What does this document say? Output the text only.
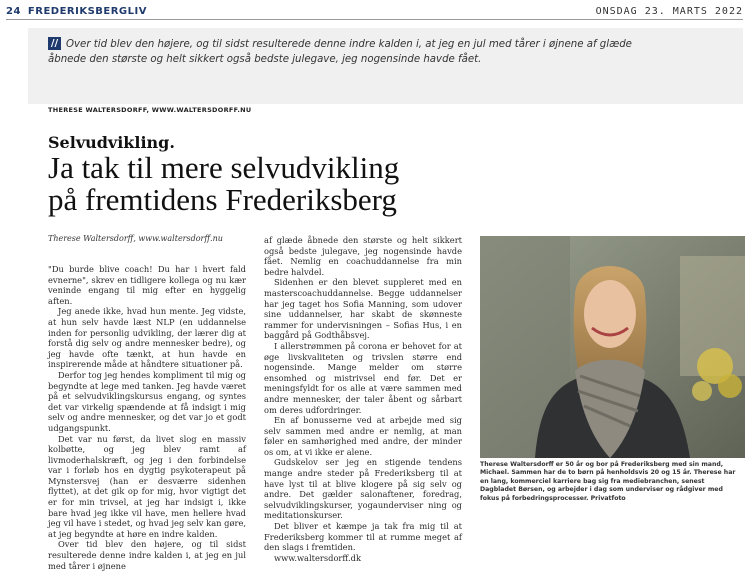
24 FREDERIKSBERGLIV	ONSDAG 23. MARTS 2022
// Over tid blev den højere, og til sidst resulterede denne indre kalden i, at jeg en jul med tårer i øjnene af glæde åbnede den største og helt sikkert også bedste julegave, jeg nogensinde havde fået.
THERESE WALTERSDORFF, WWW.WALTERSDORFF.NU
Selvudvikling.
Ja tak til mere selvudvikling
på fremtidens Frederiksberg
Therese Waltersdorff, www.waltersdorff.nu

"Du burde blive coach! Du har i hvert fald evnerne", skrev en tidligere kollega og nu kær veninde engang til mig efter en hyggelig aften.

Jeg anede ikke, hvad hun mente. Jeg vidste, at hun selv havde læst NLP (en uddannelse inden for personlig udvikling, der lærer dig at forstå dig selv og andre mennesker bedre), og jeg havde ofte tænkt, at hun havde en inspirerende måde at håndtere situationer på.

Derfor tog jeg hendes kompliment til mig og begyndte at lege med tanken. Jeg havde været på et selvudviklingskursus engang, og syntes det var virkelig spændende at få indsigt i mig selv og andre mennesker, og det var jo et godt udgangspunkt.

Det var nu først, da livet slog en massiv kolbøtte, og jeg blev ramt af livmoderhalskræft, og jeg i den forbindelse var i forløb hos en dygtig psykoterapeut på Mynstersvej (han er desværre sidenhen flyttet), at det gik op for mig, hvor vigtigt det er for min trivsel, at jeg har indsigt i, ikke bare hvad jeg ikke vil have, men hellere hvad jeg vil have i stedet, og hvad jeg selv kan gøre, at jeg begyndte at høre en indre kalden.

Over tid blev den højere, og til sidst resulterede denne indre kalden i, at jeg en jul med tårer i øjnene

af glæde åbnede den største og helt sikkert også bedste julegave, jeg nogensinde havde fået. Nemlig en coachuddannelse fra min bedre halvdel.

Sidenhen er den blevet suppleret med en masterscoachuddannelse. Begge uddannelser har jeg taget hos Sofia Manning, som udover sine uddannelser, har skabt de skønneste rammer for undervisningen – Sofias Hus, i en baggård på Godthåbsvej.

I allerstrømmen på corona er behovet for at øge livskvaliteten og trivslen større end nogensinde. Mange melder om større ensomhed og mistrivsel end før. Det er meningsfyldt for os alle at være sammen med andre mennesker, der taler åbent og sårbart om deres udfordringer.

En af bonusserne ved at arbejde med sig selv sammen med andre er nemlig, at man føler en samhørighed med andre, der minder os om, at vi ikke er alene.

Gudskelov ser jeg en stigende tendens mange andre steder på Frederiksberg til at have lyst til at blive klogere på sig selv og andre. Det gælder salonaftener, foredrag, selvudviklingskurser, yogaunderviser ning og meditationskurser.

Det bliver et kæmpe ja tak fra mig til at Frederiksberg kommer til at rumme meget af den slags i fremtiden.

www.waltersdorff.dk

Therese Waltersdorff er 50 år og bor på Frederiksberg med sin mand, Michael. Sammen har de to børn på henholdsvis 20 og 15 år. Therese har en lang, kommerciel karriere bag sig fra mediebranchen, senest Dagbladet Børsen, og arbejder i dag som underviser og rådgiver med fokus på forbedringsprocesser. Privatfoto
